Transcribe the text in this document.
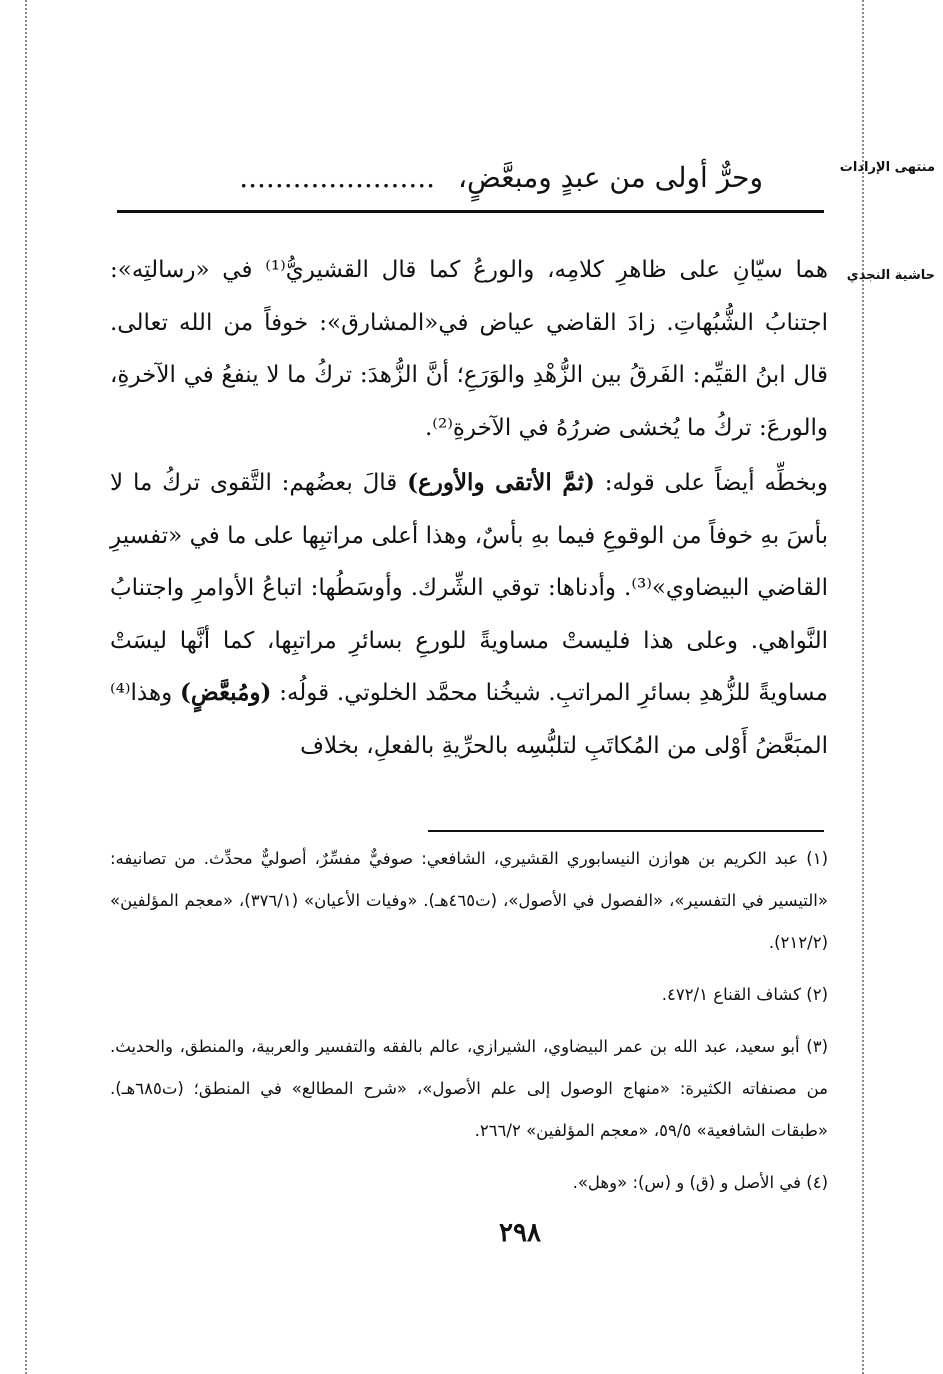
منتهى الإرادات
حاشية النجدي
وحرٌّ أولى من عبدٍ ومبعَّضٍ، ......................

هما سيّانِ على ظاهرِ كلامِه، والورعُ كما قال القشيريُّ⁽¹⁾ في «رسالتِه»: اجتنابُ الشُّبُهاتِ. زادَ القاضي عياض في«المشارق»: خوفاً من الله تعالى. قال ابنُ القيِّم: الفَرقُ بين الزُّهْدِ والوَرَعِ؛ أنَّ الزُّهدَ: تركُ ما لا ينفعُ في الآخرةِ، والورعَ: تركُ ما يُخشى ضررُهُ في الآخرةِ⁽²⁾.

وبخطِّه أيضاً على قوله: (ثمَّ الأتقى والأورع) قالَ بعضُهم: التَّقوى تركُ ما لا بأسَ بهِ خوفاً من الوقوعِ فيما بهِ بأسٌ، وهذا أعلى مراتبِها على ما في «تفسيرِ القاضي البيضاوي»⁽³⁾. وأدناها: توقي الشِّرك. وأوسَطُها: اتباعُ الأوامرِ واجتنابُ النَّواهي. وعلى هذا فليستْ مساويةً للورعِ بسائرِ مراتبِها، كما أنَّها ليسَتْ مساويةً للزُّهدِ بسائرِ المراتبِ. شيخُنا محمَّد الخلوتي. قولُه: (ومُبعَّضٍ) وهذا⁽⁴⁾ المبَعَّضُ أَوْلى من المُكاتَبِ لتلبُّسِه بالحرِّيةِ بالفعلِ، بخلاف

(١) عبد الكريم بن هوازن النيسابوري القشيري، الشافعي: صوفيٌّ مفسِّرٌ، أصوليٌّ محدِّث. من تصانيفه: «التيسير في التفسير»، «الفصول في الأصول»، (ت٤٦٥هـ). «وفيات الأعيان» (٣٧٦/١)، «معجم المؤلفين» (٢١٢/٢).

(٢) كشاف القناع ٤٧٢/١.

(٣) أبو سعيد، عبد الله بن عمر البيضاوي، الشيرازي، عالم بالفقه والتفسير والعربية، والمنطق، والحديث. من مصنفاته الكثيرة: «منهاج الوصول إلى علم الأصول»، «شرح المطالع» في المنطق؛ (ت٦٨٥هـ). «طبقات الشافعية» ٥٩/٥، «معجم المؤلفين» ٢٦٦/٢.

(٤) في الأصل و (ق) و (س): «وهل».

٢٩٨
